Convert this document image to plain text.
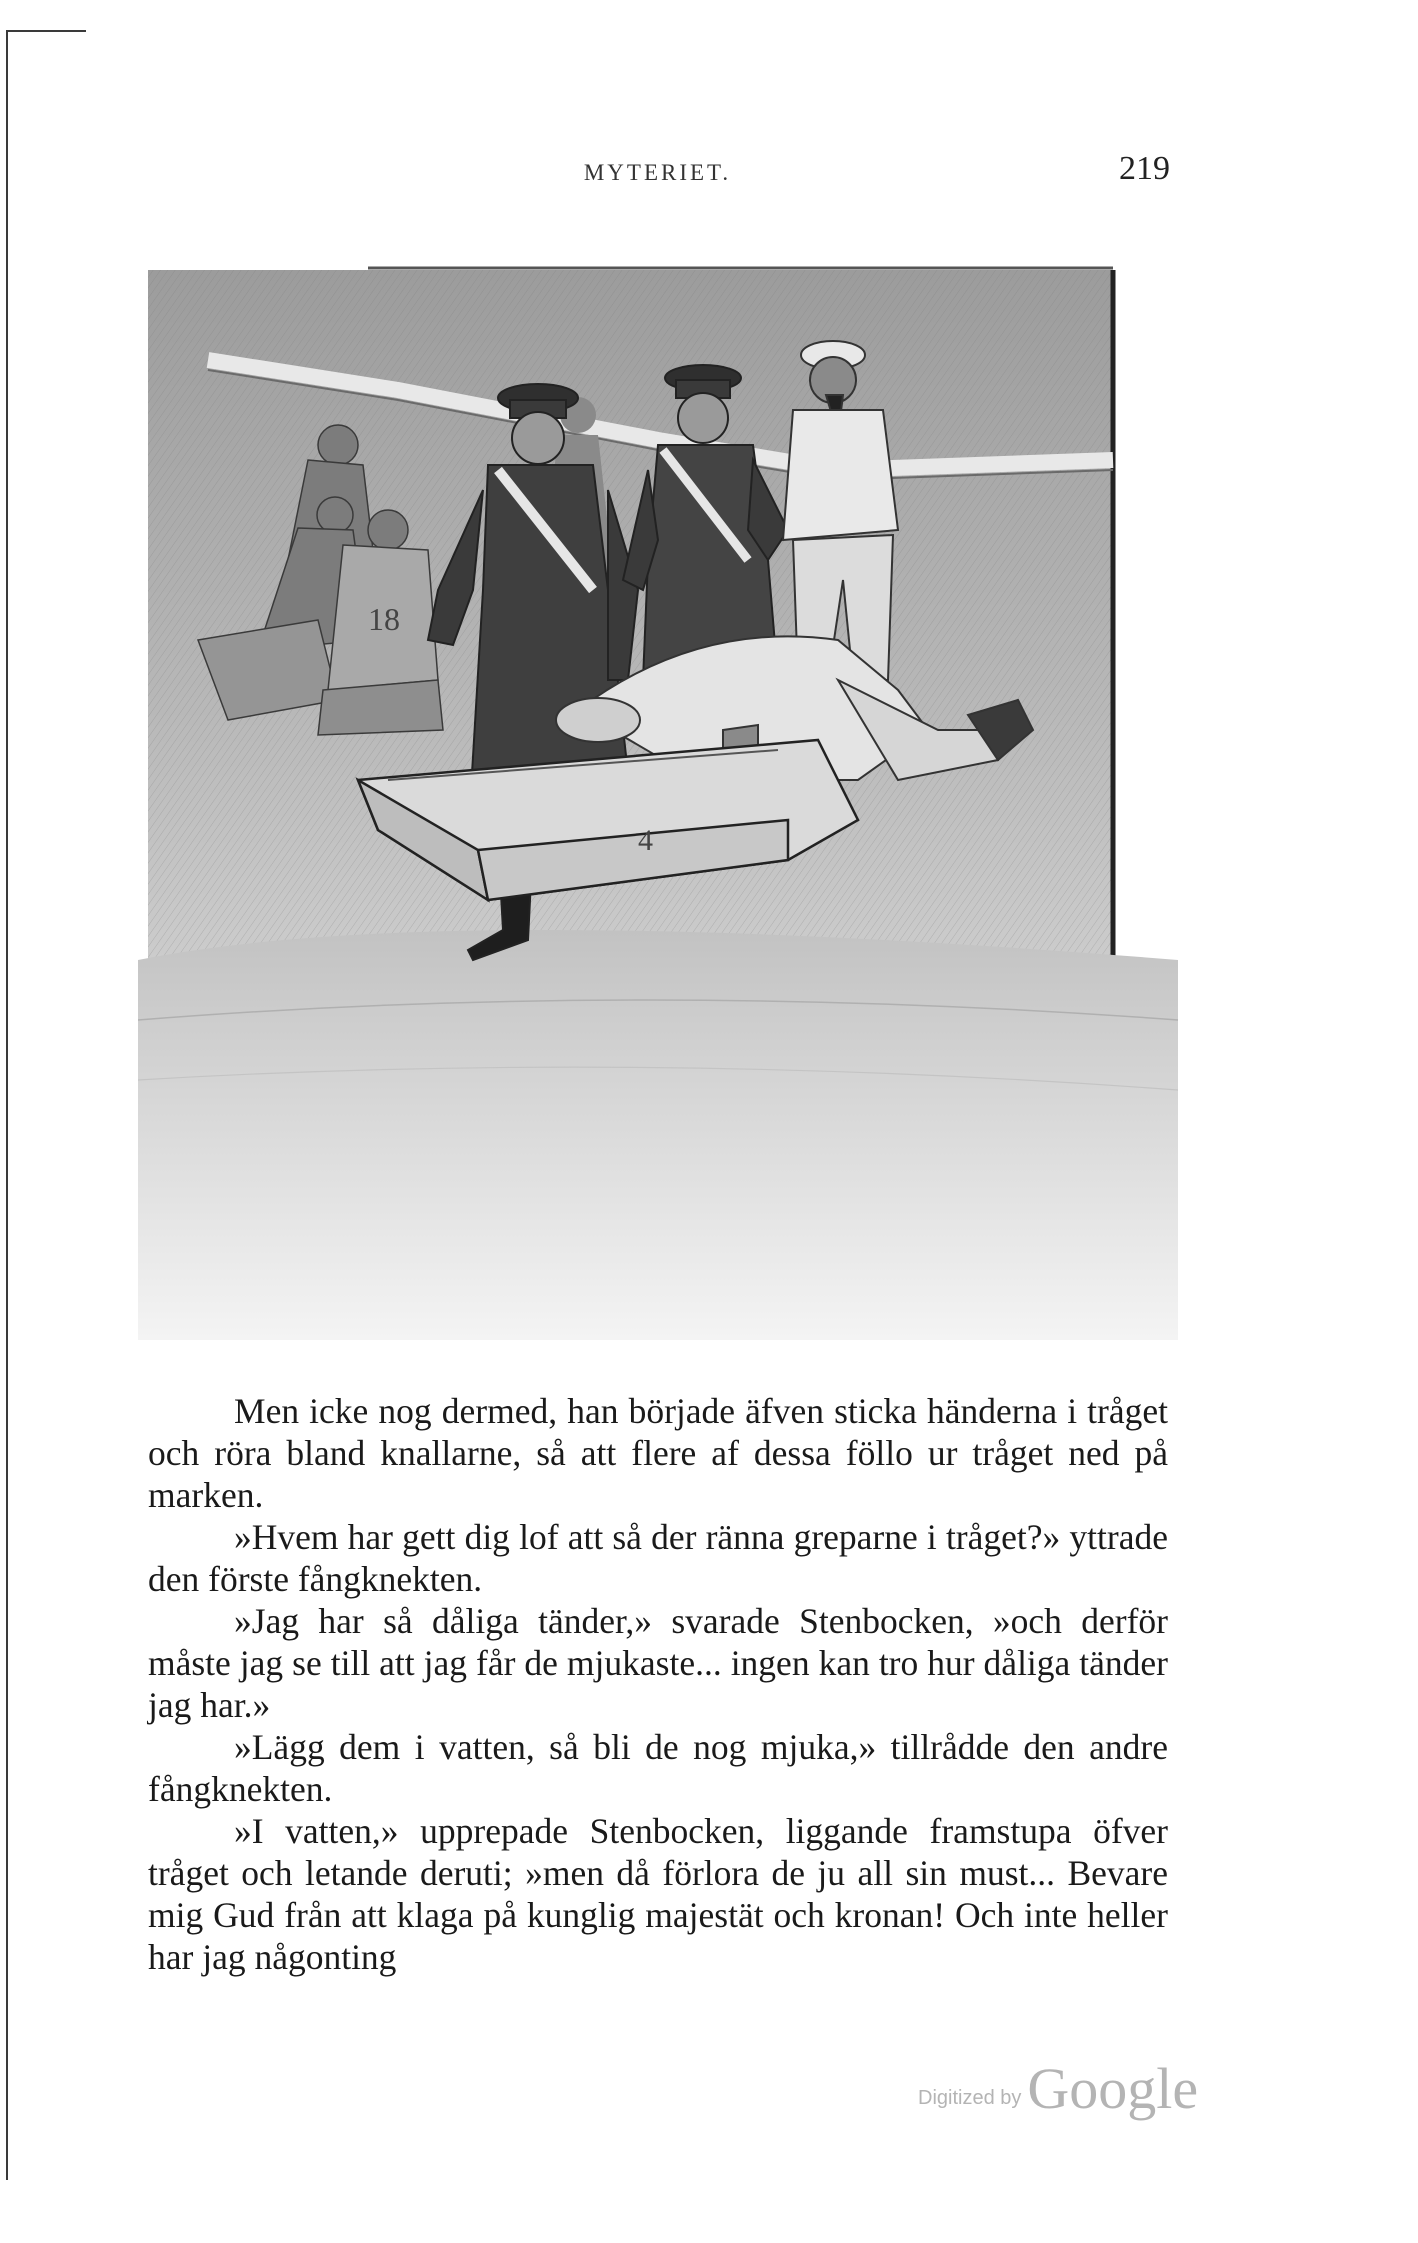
MYTERIET.	219
18
4

Men icke nog dermed, han började äfven sticka händerna i tråget och röra bland knallarne, så att flere af dessa föllo ur tråget ned på marken.

»Hvem har gett dig lof att så der ränna greparne i tråget?» yttrade den förste fångknekten.

»Jag har så dåliga tänder,» svarade Stenbocken, »och derför måste jag se till att jag får de mjukaste... ingen kan tro hur dåliga tänder jag har.»

»Lägg dem i vatten, så bli de nog mjuka,» tillrådde den andre fångknekten.

»I vatten,» upprepade Stenbocken, liggande framstupa öfver tråget och letande deruti; »men då förlora de ju all sin must... Bevare mig Gud från att klaga på kunglig majestät och kronan! Och inte heller har jag någonting

Digitized by Google
